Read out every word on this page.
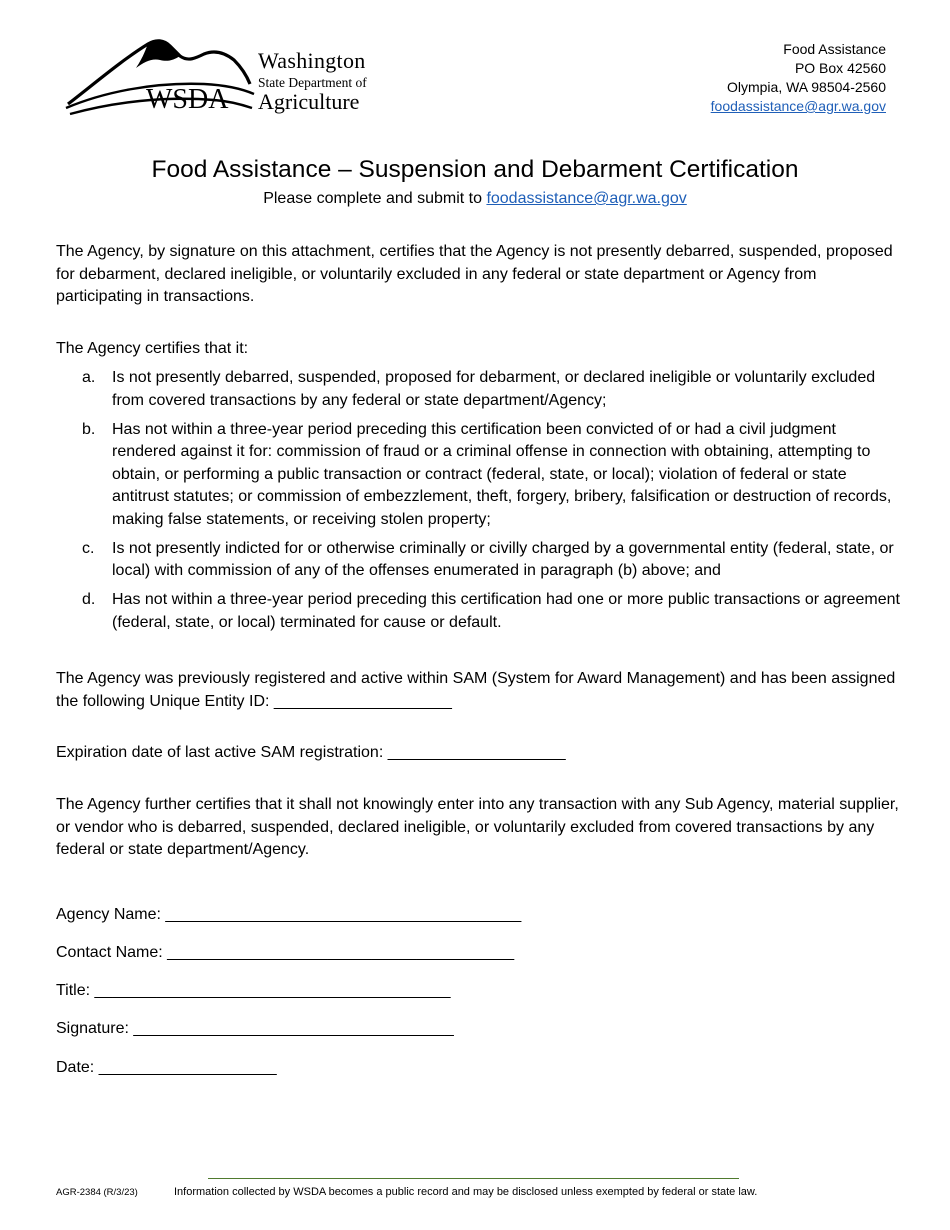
WSDA
Washington
State Department of
Agriculture
Food Assistance
PO Box 42560
Olympia, WA 98504-2560
foodassistance@agr.wa.gov
Food Assistance – Suspension and Debarment Certification
Please complete and submit to foodassistance@agr.wa.gov
The Agency, by signature on this attachment, certifies that the Agency is not presently debarred, suspended, proposed for debarment, declared ineligible, or voluntarily excluded in any federal or state department or Agency from participating in transactions.
The Agency certifies that it:
a. Is not presently debarred, suspended, proposed for debarment, or declared ineligible or voluntarily excluded from covered transactions by any federal or state department/Agency;
b. Has not within a three-year period preceding this certification been convicted of or had a civil judgment rendered against it for: commission of fraud or a criminal offense in connection with obtaining, attempting to obtain, or performing a public transaction or contract (federal, state, or local); violation of federal or state antitrust statutes; or commission of embezzlement, theft, forgery, bribery, falsification or destruction of records, making false statements, or receiving stolen property;
c. Is not presently indicted for or otherwise criminally or civilly charged by a governmental entity (federal, state, or local) with commission of any of the offenses enumerated in paragraph (b) above; and
d. Has not within a three-year period preceding this certification had one or more public transactions or agreement (federal, state, or local) terminated for cause or default.
The Agency was previously registered and active within SAM (System for Award Management) and has been assigned the following Unique Entity ID: ____________________
Expiration date of last active SAM registration: ____________________
The Agency further certifies that it shall not knowingly enter into any transaction with any Sub Agency, material supplier, or vendor who is debarred, suspended, declared ineligible, or voluntarily excluded from covered transactions by any federal or state department/Agency.
Agency Name: ________________________________________
Contact Name: _______________________________________
Title: ________________________________________
Signature: ____________________________________
Date: ____________________
AGR-2384 (R/3/23)	Information collected by WSDA becomes a public record and may be disclosed unless exempted by federal or state law.
